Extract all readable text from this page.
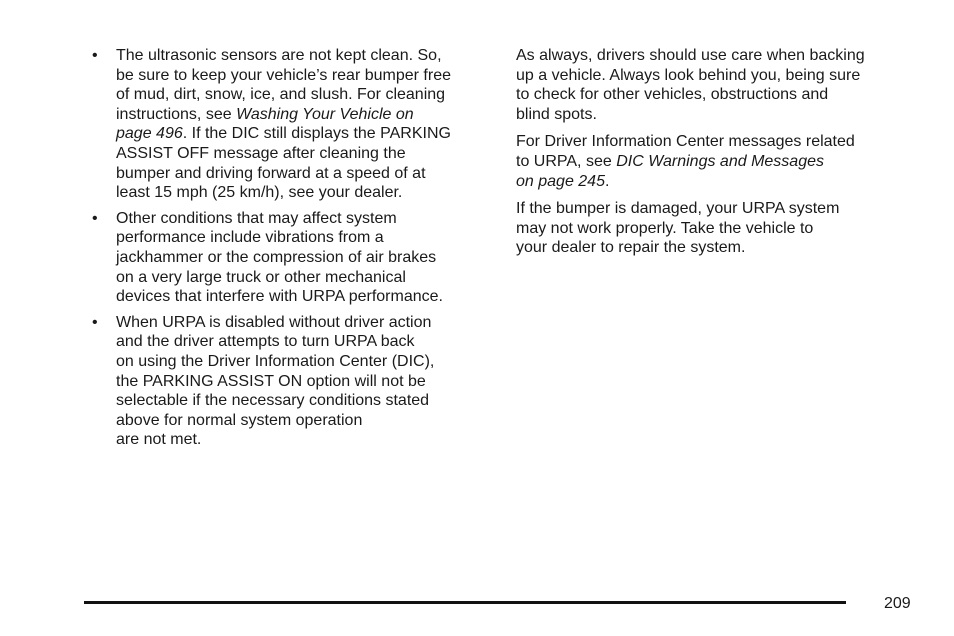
•	The ultrasonic sensors are not kept clean. So,
be sure to keep your vehicle’s rear bumper free
of mud, dirt, snow, ice, and slush. For cleaning
instructions, see Washing Your Vehicle on
page 496. If the DIC still displays the PARKING
ASSIST OFF message after cleaning the
bumper and driving forward at a speed of at
least 15 mph (25 km/h), see your dealer.
•	Other conditions that may affect system
performance include vibrations from a
jackhammer or the compression of air brakes
on a very large truck or other mechanical
devices that interfere with URPA performance.
•	When URPA is disabled without driver action
and the driver attempts to turn URPA back
on using the Driver Information Center (DIC),
the PARKING ASSIST ON option will not be
selectable if the necessary conditions stated
above for normal system operation
are not met.

As always, drivers should use care when backing
up a vehicle. Always look behind you, being sure
to check for other vehicles, obstructions and
blind spots.

For Driver Information Center messages related
to URPA, see DIC Warnings and Messages
on page 245.

If the bumper is damaged, your URPA system
may not work properly. Take the vehicle to
your dealer to repair the system.

209
